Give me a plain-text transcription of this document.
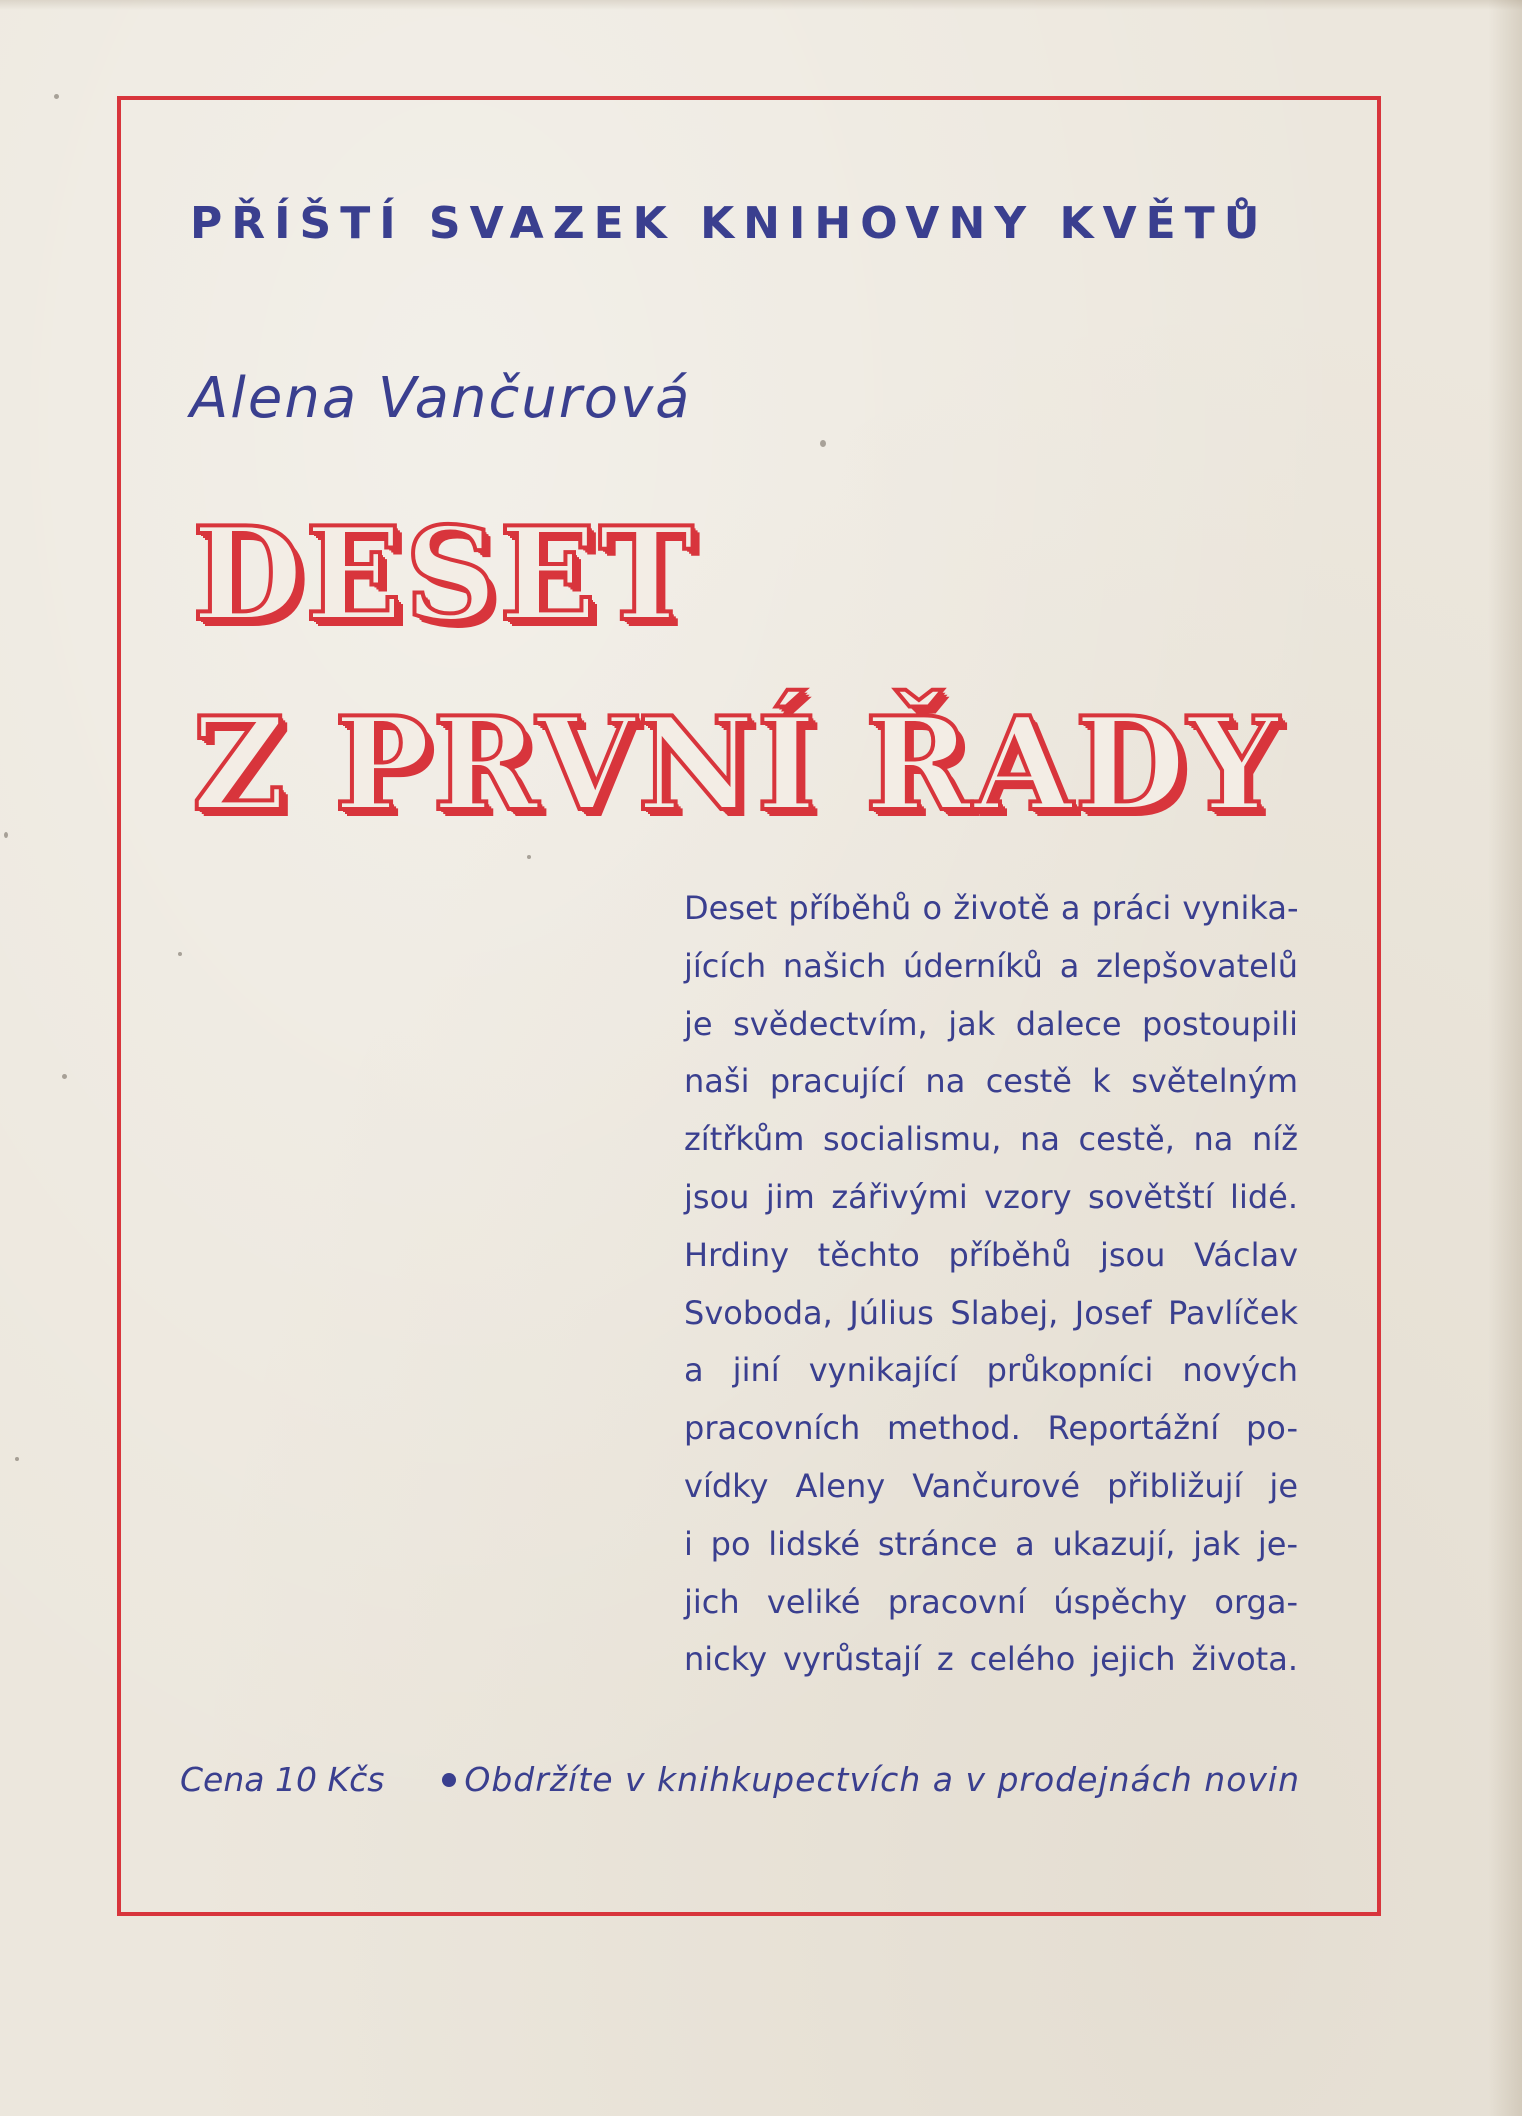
PŘÍŠTÍ SVAZEK KNIHOVNY KVĚTŮ
Alena Vančurová
DESET
Z PRVNÍ ŘADY
Deset příběhů o životě a práci vynika-
jících našich úderníků a zlepšovatelů
je svědectvím, jak dalece postoupili
naši pracující na cestě k světelným
zítřkům socialismu, na cestě, na níž
jsou jim zářivými vzory sovětští lidé.
Hrdiny těchto příběhů jsou Václav
Svoboda, Július Slabej, Josef Pavlíček
a jiní vynikající průkopníci nových
pracovních method. Reportážní po-
vídky Aleny Vančurové přibližují je
i po lidské stránce a ukazují, jak je-
jich veliké pracovní úspěchy orga-
nicky vyrůstají z celého jejich života.
Cena 10 Kčs Obdržíte v knihkupectvích a v prodejnách novin
